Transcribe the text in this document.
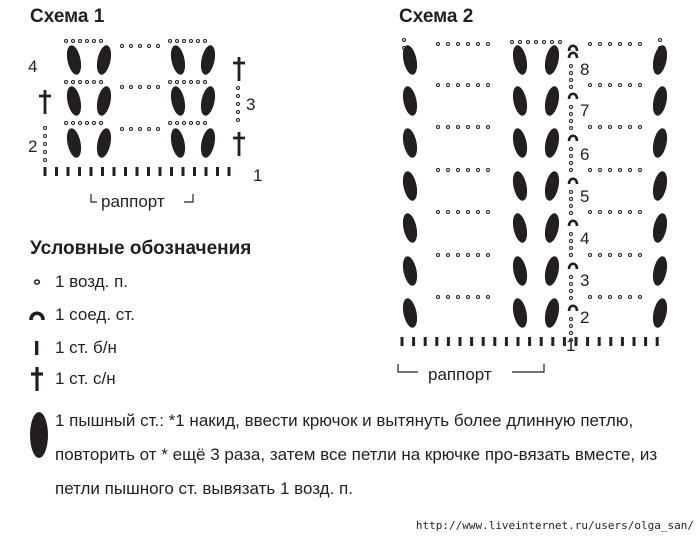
Схема 1	Схема 2
1
2
3
4
раппорт
1
2
3
4
5
6
7
8
раппорт
Условные обозначения
1 возд. п.
1 соед. ст.
1 ст. б/н
1 ст. с/н
1 пышный ст.: *1 накид, ввести крючок и вытянуть более длинную петлю, повторить от * ещё 3 раза, затем все петли на крючке про-вязать вместе, из петли пышного ст. вывязать 1 возд. п.
http://www.liveinternet.ru/users/olga_san/
